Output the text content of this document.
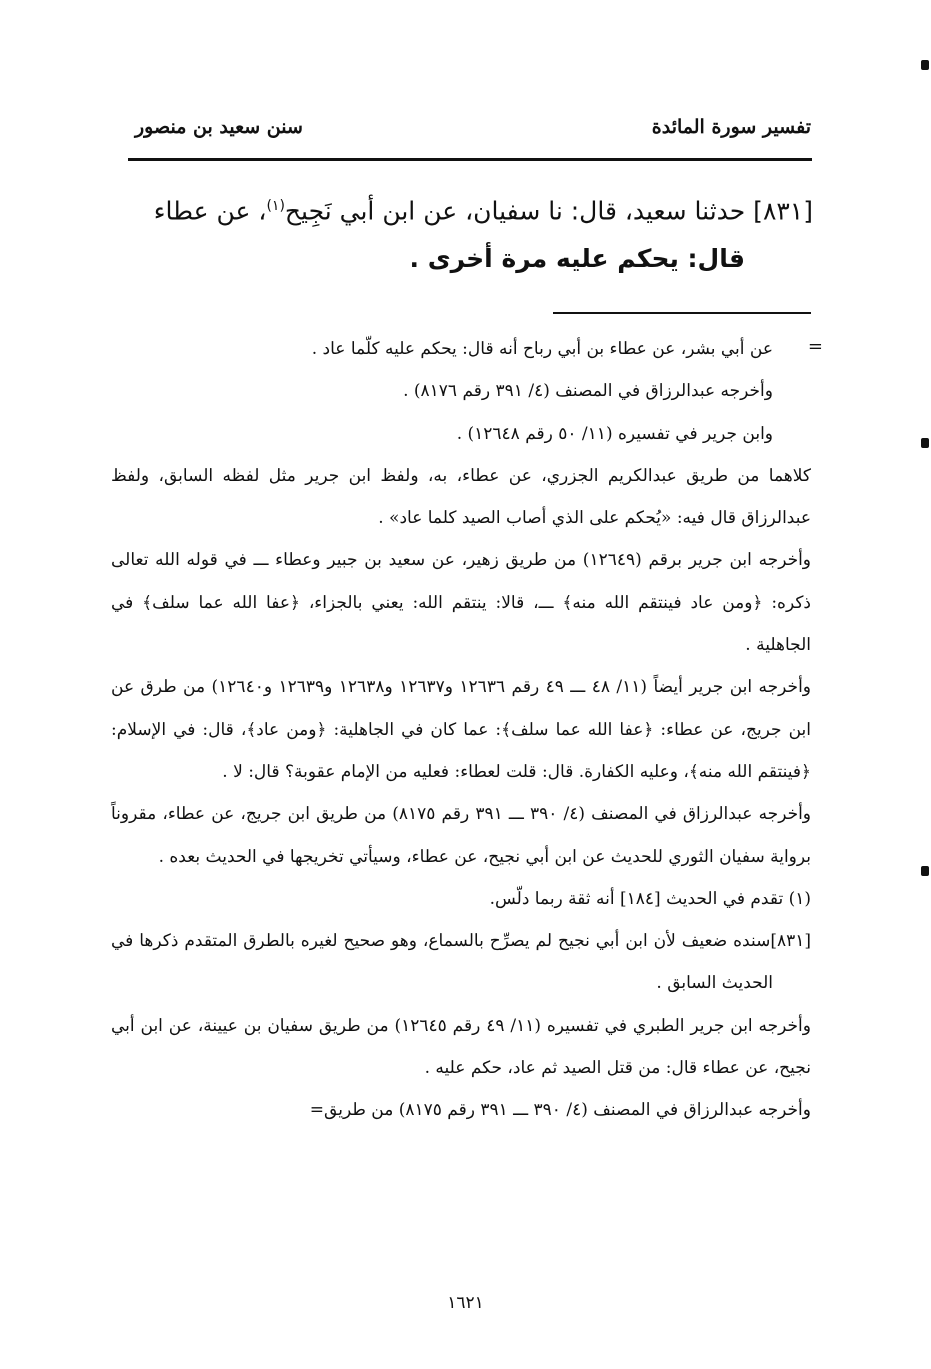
تفسير سورة المائدة
سنن سعيد بن منصور
[٨٣١] حدثنا سعيد، قال: نا سفيان، عن ابن أبي نَجِيح$^{(١)}$، عن عطاء
قال: يحكم عليه مرة أخرى .
=

عن أبي بشر، عن عطاء بن أبي رباح أنه قال: يحكم عليه كلّما عاد .

وأخرجه عبدالرزاق في المصنف (٤/ ٣٩١ رقم ٨١٧٦) .

وابن جرير في تفسيره (١١/ ٥٠ رقم ١٢٦٤٨) .

كلاهما من طريق عبدالكريم الجزري، عن عطاء، به، ولفظ ابن جرير مثل لفظه السابق، ولفظ عبدالرزاق قال فيه: «يُحكم على الذي أصاب الصيد كلما عاد» .

وأخرجه ابن جرير برقم (١٢٦٤٩) من طريق زهير، عن سعيد بن جبير وعطاء ـــ في قوله الله تعالى ذكره: ﴿ومن عاد فينتقم الله منه﴾ ـــ، قالا: ينتقم الله: يعني بالجزاء، ﴿عفا الله عما سلف﴾ في الجاهلية .

وأخرجه ابن جرير أيضاً (١١/ ٤٨ ـــ ٤٩ رقم ١٢٦٣٦ و١٢٦٣٧ و١٢٦٣٨ و١٢٦٣٩ و١٢٦٤٠) من طرق عن ابن جريج، عن عطاء: ﴿عفا الله عما سلف﴾: عما كان في الجاهلية: ﴿ومن عاد﴾، قال: في الإسلام: ﴿فينتقم الله منه﴾، وعليه الكفارة. قال: قلت لعطاء: فعليه من الإمام عقوبة؟ قال: لا .

وأخرجه عبدالرزاق في المصنف (٤/ ٣٩٠ ـــ ٣٩١ رقم ٨١٧٥) من طريق ابن جريج، عن عطاء، مقروناً برواية سفيان الثوري للحديث عن ابن أبي نجيح، عن عطاء، وسيأتي تخريجها في الحديث بعده .

(١) تقدم في الحديث [١٨٤] أنه ثقة ربما دلّس.

[٨٣١]سنده ضعيف لأن ابن أبي نجيح لم يصرِّح بالسماع، وهو صحيح لغيره بالطرق المتقدم ذكرها في الحديث السابق .

وأخرجه ابن جرير الطبري في تفسيره (١١/ ٤٩ رقم ١٢٦٤٥) من طريق سفيان بن عيينة، عن ابن أبي نجيح، عن عطاء قال: من قتل الصيد ثم عاد، حكم عليه .

وأخرجه عبدالرزاق في المصنف (٤/ ٣٩٠ ـــ ٣٩١ رقم ٨١٧٥) من طريق=

١٦٢١
